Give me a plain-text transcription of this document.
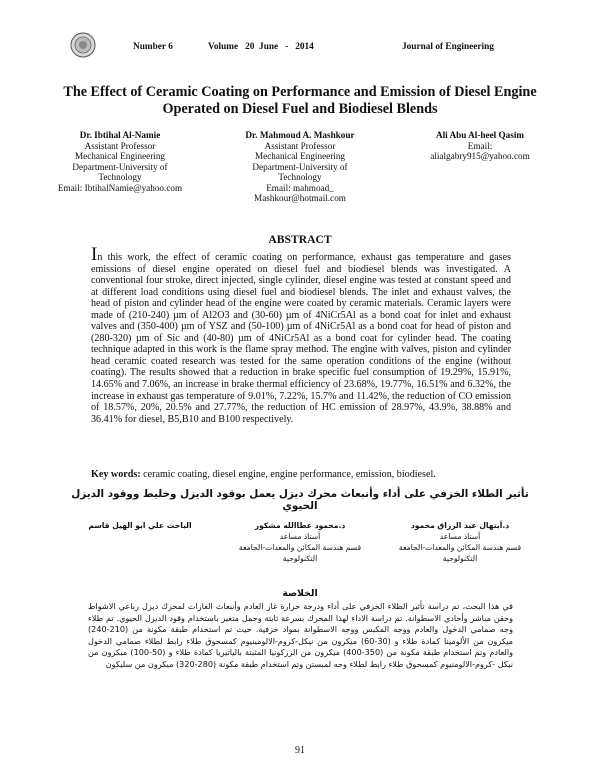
Number 6	Volume   20  June   -   2014	Journal of Engineering
The Effect of Ceramic Coating on Performance and Emission of Diesel Engine Operated on Diesel Fuel and Biodiesel Blends
Dr. Ibtihal Al-Namie
Assistant Professor
Mechanical Engineering
Department-University of
Technology
Email: IbtihalNamie@yahoo.com
Dr. Mahmoud A. Mashkour
Assistant Professor
Mechanical Engineering
Department-University of
Technology
Email: mahmoad_
Mashkour@hotmail.com
Ali Abu Al-heel Qasim
Email:
alialgabry915@yahoo.com
ABSTRACT
In this work, the effect of ceramic coating on performance, exhaust gas temperature and gases emissions of diesel engine operated on diesel fuel and biodiesel blends was investigated. A conventional four stroke, direct injected, single cylinder, diesel engine was tested at constant speed and at different load conditions using diesel fuel and biodiesel blends. The inlet and exhaust valves, the head of piston and cylinder head of the engine were coated by ceramic materials. Ceramic layers were made of (210-240) µm of Al2O3 and (30-60) µm of 4NiCr5Al as a bond coat for inlet and exhaust valves and (350-400) µm of YSZ and (50-100) µm of 4NiCr5Al as a bond coat for head of piston and (280-320) µm of Sic and (40-80) µm of 4NiCr5Al as a bond coat for cylinder head. The coating technique adapted in this work is the flame spray method. The engine with valves, piston and cylinder head ceramic coated research was tested for the same operation conditions of the engine (without coating). The results showed that a reduction in brake specific fuel consumption of 19.29%, 15.91%, 14.65% and 7.06%, an increase in brake thermal efficiency of 23.68%, 19.77%, 16.51% and 6.32%, the increase in exhaust gas temperature of 9.01%, 7.22%, 15.7% and 11.42%, the reduction of CO emission of 18.57%, 20%, 20.5% and 27.77%, the reduction of HC emission of 28.97%, 43.9%, 38.88% and 36.41% for diesel, B5,B10 and B100 respectively.
Key words: ceramic coating, diesel engine, engine performance, emission, biodiesel.
تأثير الطلاء الخزفي على أداء وأنبعاث محرك ديزل يعمل بوقود الديزل وخليط ووقود الديزل الحيوي
د.أبتهال عبد الرزاق محمود
أستاذ مساعد
قسم هندسة المكائن والمعدات-الجامعة
التكنولوجية
د.محمود عطاالله مشكور
أستاذ مساعد
قسم هندسة المكائن والمعدات-الجامعة
التكنولوجية
الباحث علي ابو الهيل قاسم
الخلاصة
في هذا البحث، تم دراسة تأثير الطلاء الخزفي على أداء ودرجة حرارة غاز العادم وأنبعاث الغازات لمحرك ديزل رباعي الاشواط وحقن مباشر وأحادي الاسطوانة. تم دراسة الاداء لهذا المحرك بسرعة ثابتة وحمل متغير باستخدام وقود الديزل الحيوي. تم طلاء وجه صمامي الدخول والعادم ووجه المكبس ووجه الاسطوانة بمواد خزفية. حيث تم استخدام طبقة مكونة من (210-240) ميكرون من الألومينا كمادة طلاء و (30-60) ميكرون من نيكل-كروم-الالومينيوم كمسحوق طلاء رابط لطلاء صمامي الدخول والعادم وتم استخدام طبقة مكونة من (350-400) ميكرون من الزركونيا المثبتة بالياتيريا كمادة طلاء و (50-100) ميكرون من نيكل -كروم-الالومنيوم كمسحوق طلاء رابط لطلاء وجه لمبستن وتم استخدام طبقة مكونة (280-320) ميكرون من سليكون
91
